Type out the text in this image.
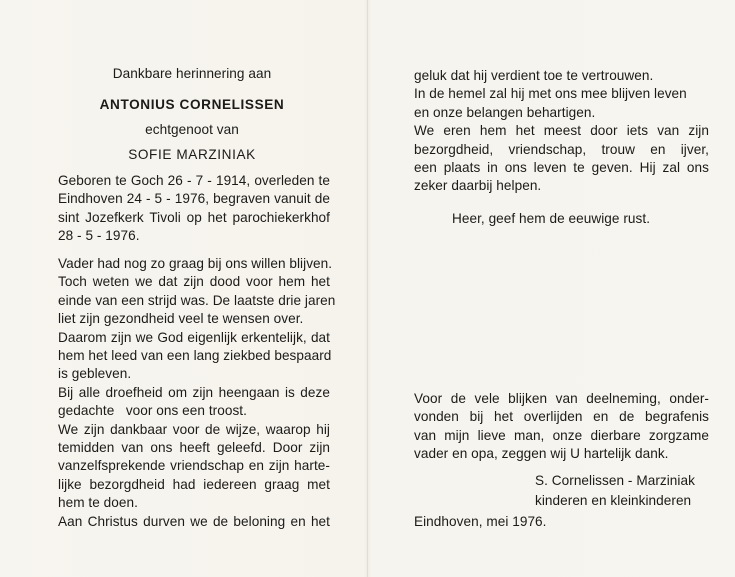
Dankbare herinnering aan
ANTONIUS CORNELISSEN
echtgenoot van
SOFIE MARZINIAK
Geboren te Goch 26 - 7 - 1914, overleden te
Eindhoven 24 - 5 - 1976, begraven vanuit de
sint Jozefkerk Tivoli op het parochiekerkhof
28 - 5 - 1976.
Vader had nog zo graag bij ons willen blijven.
Toch weten we dat zijn dood voor hem het
einde van een strijd was. De laatste drie jaren
liet zijn gezondheid veel te wensen over.
Daarom zijn we God eigenlijk erkentelijk, dat
hem het leed van een lang ziekbed bespaard
is gebleven.
Bij alle droefheid om zijn heengaan is deze
gedachte   voor ons een troost.
We zijn dankbaar voor de wijze, waarop hij
temidden van ons heeft geleefd. Door zijn
vanzelfsprekende vriendschap en zijn harte-
lijke bezorgdheid had iedereen graag met
hem te doen.
Aan Christus durven we de beloning en het
geluk dat hij verdient toe te vertrouwen.
In de hemel zal hij met ons mee blijven leven
en onze belangen behartigen.
We eren hem het meest door iets van zijn
bezorgdheid, vriendschap, trouw en ijver,
een plaats in ons leven te geven. Hij zal ons
zeker daarbij helpen.
Heer, geef hem de eeuwige rust.
Voor de vele blijken van deelneming, onder-
vonden bij het overlijden en de begrafenis
van mijn lieve man, onze dierbare zorgzame
vader en opa, zeggen wij U hartelijk dank.
S. Cornelissen - Marziniak
kinderen en kleinkinderen
Eindhoven, mei 1976.
